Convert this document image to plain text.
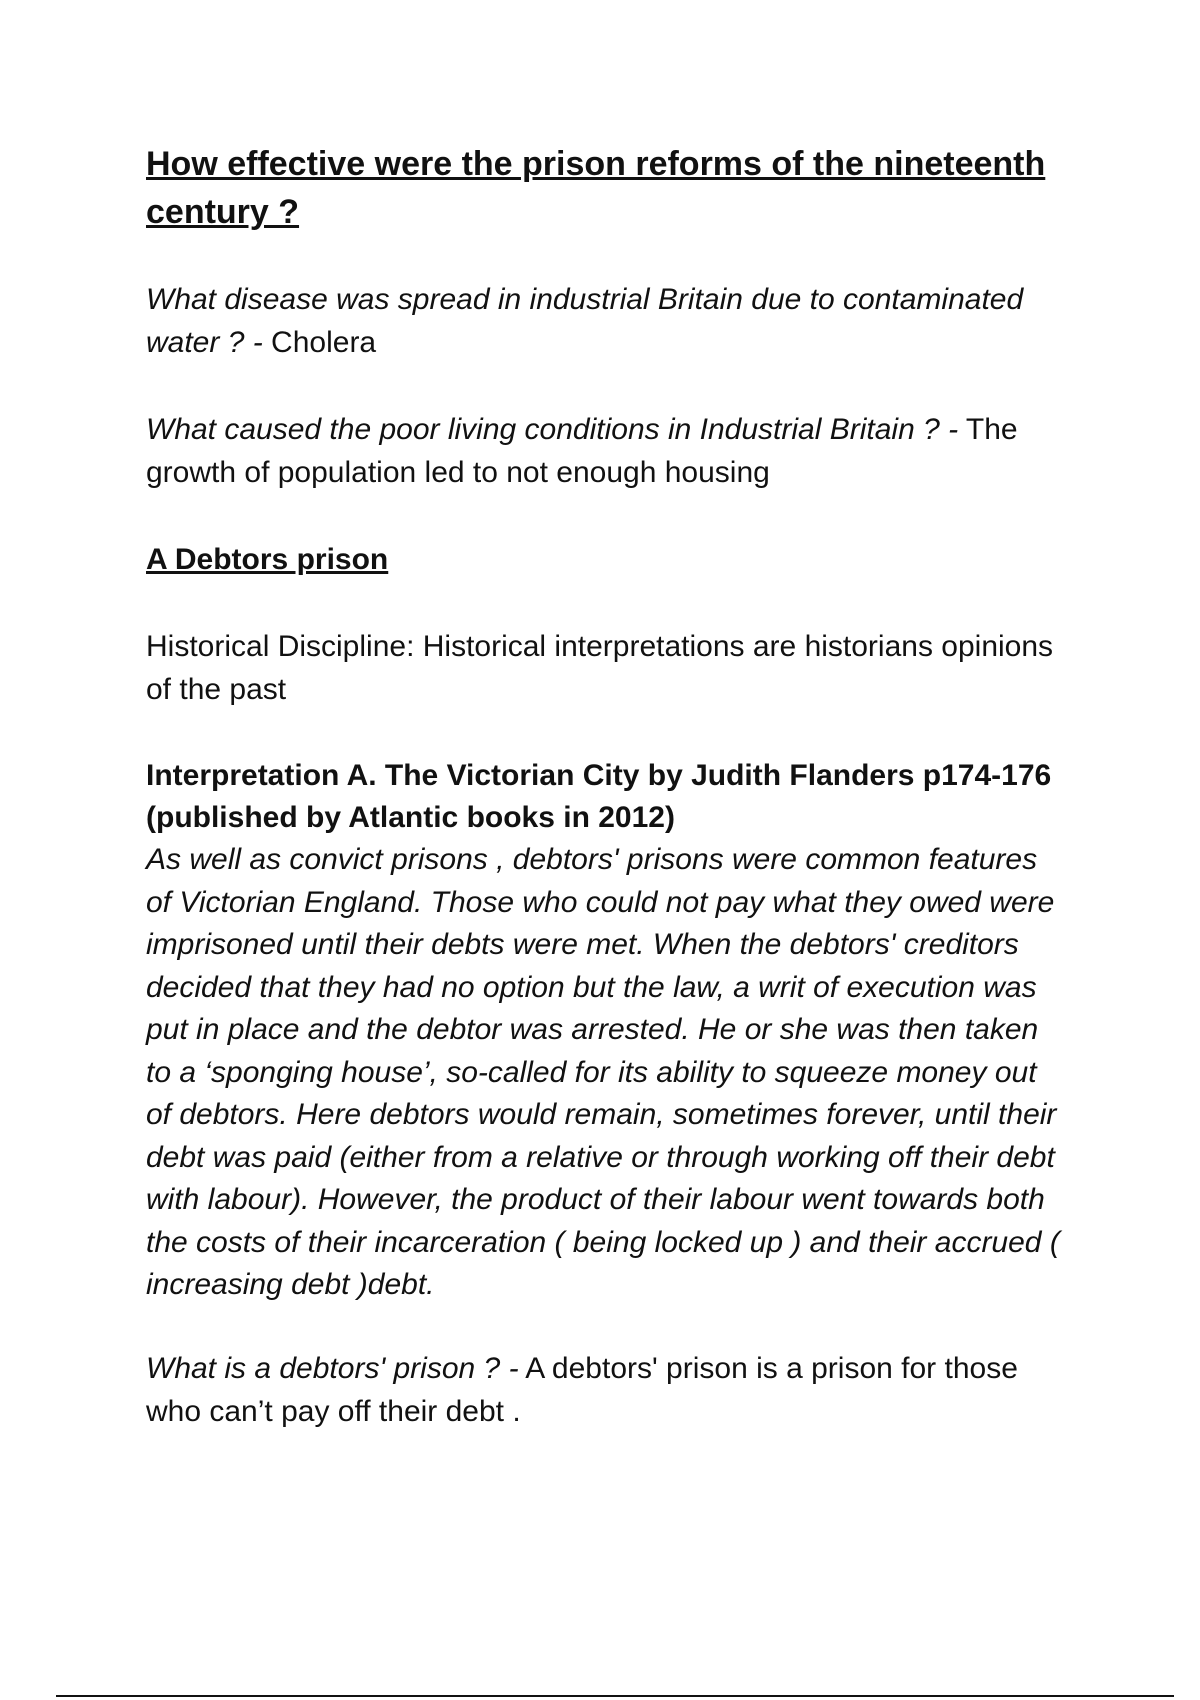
How effective were the prison reforms of the nineteenth century ?

What disease was spread in industrial Britain due to contaminated water ? - Cholera

What caused the poor living conditions in Industrial Britain ? - The growth of population led to not enough housing

A Debtors prison

Historical Discipline: Historical interpretations are historians opinions of the past

Interpretation A. The Victorian City by Judith Flanders p174-176 (published by Atlantic books in 2012)

As well as convict prisons , debtors' prisons were common features of Victorian England. Those who could not pay what they owed were imprisoned until their debts were met. When the debtors' creditors decided that they had no option but the law, a writ of execution was put in place and the debtor was arrested. He or she was then taken to a ‘sponging house’, so-called for its ability to squeeze money out of debtors. Here debtors would remain, sometimes forever, until their debt was paid (either from a relative or through working off their debt with labour). However, the product of their labour went towards both the costs of their incarceration ( being locked up ) and their accrued ( increasing debt )debt.

What is a debtors' prison ? - A debtors' prison is a prison for those who can’t pay off their debt .
